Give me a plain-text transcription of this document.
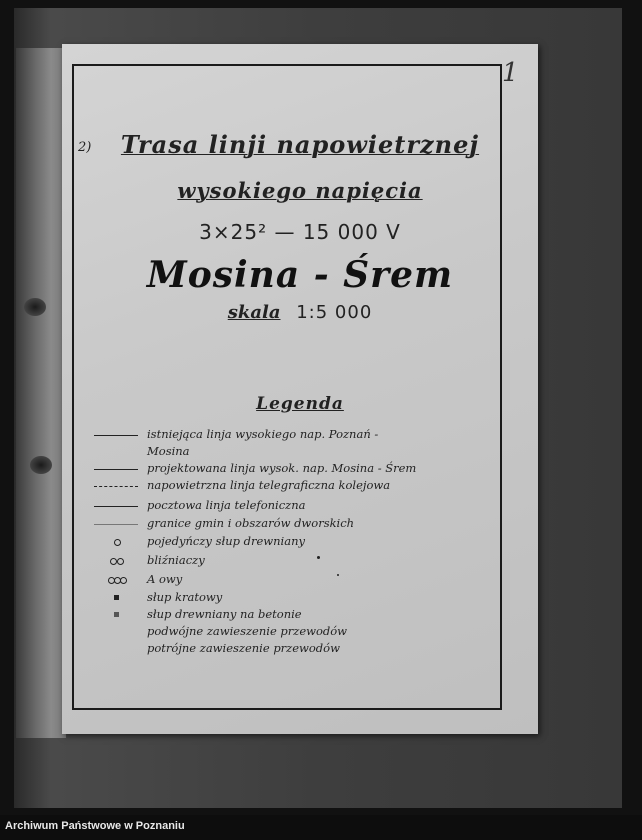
1
2)	Trasa linji napowietrznej
wysokiego napięcia
3×25² — 15 000 V
Mosina - Śrem
skala 1:5 000
Legenda
istniejąca linja wysokiego nap. Poznań -
Mosina
projektowana linja wysok. nap. Mosina - Śrem
napowietrzna linja telegraficzna kolejowa
pocztowa linja telefoniczna
granice gmin i obszarów dworskich
pojedyńczy słup drewniany
bliźniaczy
A owy
słup kratowy
słup drewniany na betonie
podwójne zawieszenie przewodów
potrójne zawieszenie przewodów
Archiwum Państwowe w Poznaniu
